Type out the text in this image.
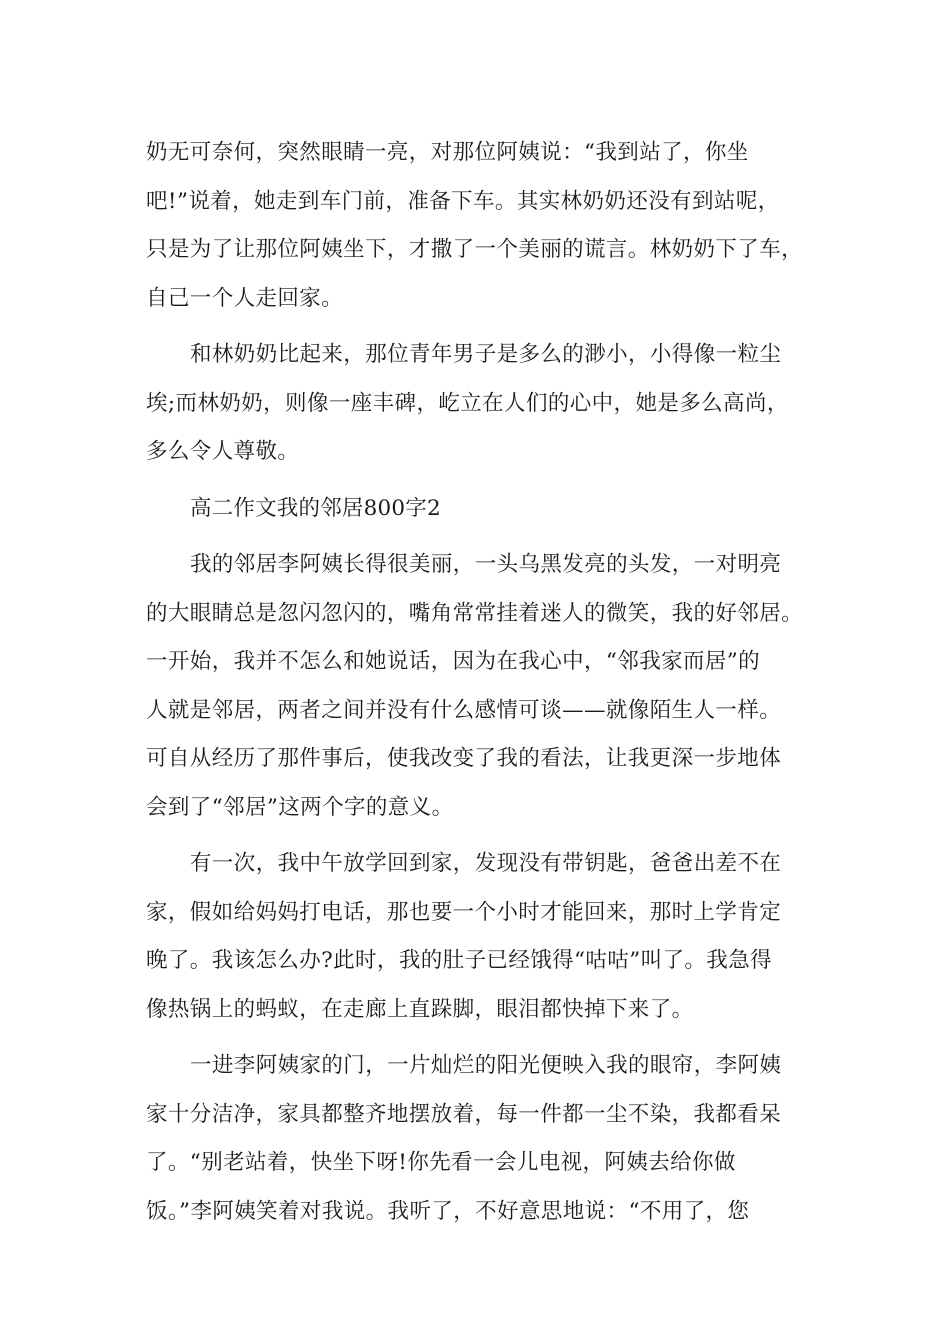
奶无可奈何，突然眼睛一亮，对那位阿姨说：“我到站了，你坐
吧!”说着，她走到车门前，准备下车。其实林奶奶还没有到站呢，
只是为了让那位阿姨坐下，才撒了一个美丽的谎言。林奶奶下了车，
自己一个人走回家。
和林奶奶比起来，那位青年男子是多么的渺小，小得像一粒尘
埃;而林奶奶，则像一座丰碑，屹立在人们的心中，她是多么高尚，
多么令人尊敬。
高二作文我的邻居800字2
我的邻居李阿姨长得很美丽，一头乌黑发亮的头发，一对明亮
的大眼睛总是忽闪忽闪的，嘴角常常挂着迷人的微笑，我的好邻居。
一开始，我并不怎么和她说话，因为在我心中，“邻我家而居”的
人就是邻居，两者之间并没有什么感情可谈——就像陌生人一样。
可自从经历了那件事后，使我改变了我的看法，让我更深一步地体
会到了“邻居”这两个字的意义。
有一次，我中午放学回到家，发现没有带钥匙，爸爸出差不在
家，假如给妈妈打电话，那也要一个小时才能回来，那时上学肯定
晚了。我该怎么办?此时，我的肚子已经饿得“咕咕”叫了。我急得
像热锅上的蚂蚁，在走廊上直跺脚，眼泪都快掉下来了。
一进李阿姨家的门，一片灿烂的阳光便映入我的眼帘，李阿姨
家十分洁净，家具都整齐地摆放着，每一件都一尘不染，我都看呆
了。“别老站着，快坐下呀!你先看一会儿电视，阿姨去给你做
饭。”李阿姨笑着对我说。我听了，不好意思地说：“不用了，您
